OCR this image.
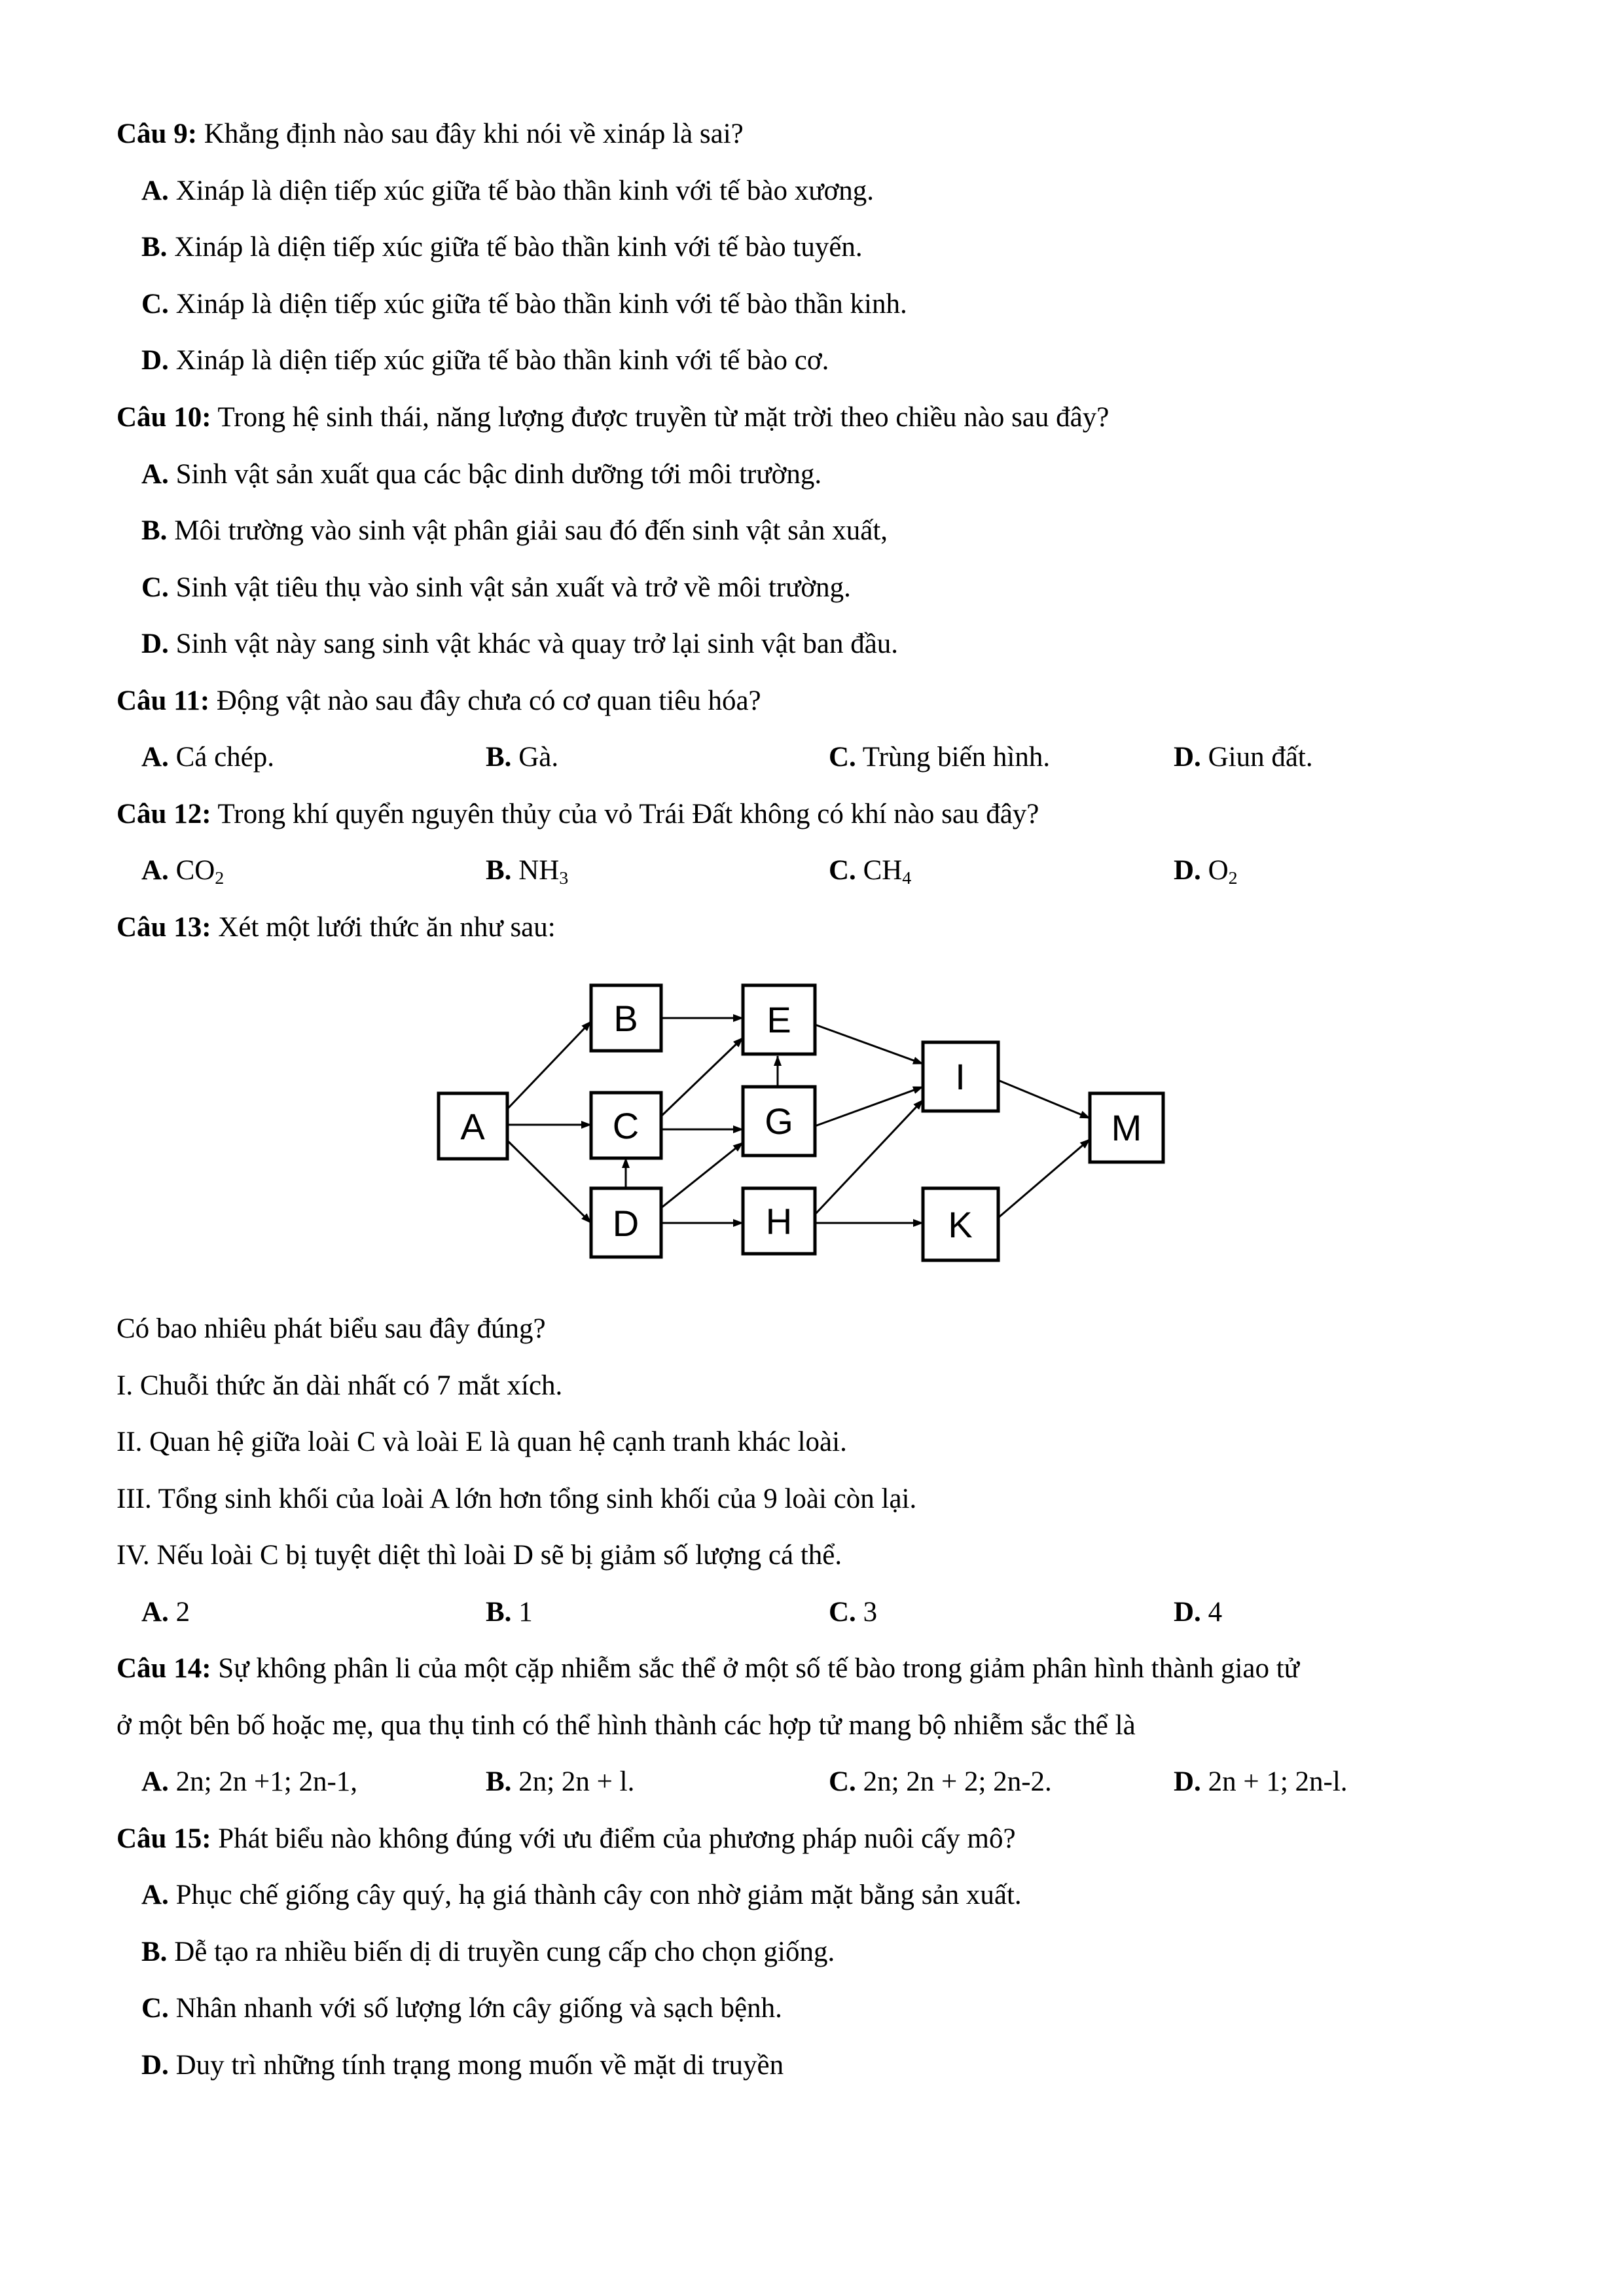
Câu 9: Khẳng định nào sau đây khi nói về xináp là sai?
A. Xináp là diện tiếp xúc giữa tế bào thần kinh với tế bào xương.
B. Xináp là diện tiếp xúc giữa tế bào thần kinh với tế bào tuyến.
C. Xináp là diện tiếp xúc giữa tế bào thần kinh với tế bào thần kinh.
D. Xináp là diện tiếp xúc giữa tế bào thần kinh với tế bào cơ.
Câu 10: Trong hệ sinh thái, năng lượng được truyền từ mặt trời theo chiều nào sau đây?
A. Sinh vật sản xuất qua các bậc dinh dưỡng tới môi trường.
B. Môi trường vào sinh vật phân giải sau đó đến sinh vật sản xuất,
C. Sinh vật tiêu thụ vào sinh vật sản xuất và trở về môi trường.
D. Sinh vật này sang sinh vật khác và quay trở lại sinh vật ban đầu.
Câu 11: Động vật nào sau đây chưa có cơ quan tiêu hóa?
A. Cá chép.	B. Gà.	C. Trùng biến hình.	D. Giun đất.
Câu 12: Trong khí quyển nguyên thủy của vỏ Trái Đất không có khí nào sau đây?
A. $CO_2$	B. $NH_3$	C. $CH_4$	D. $O_2$
Câu 13: Xét một lưới thức ăn như sau:
A
B
C
D
E
G
H
I
K
M
Có bao nhiêu phát biểu sau đây đúng?
I. Chuỗi thức ăn dài nhất có 7 mắt xích.
II. Quan hệ giữa loài C và loài E là quan hệ cạnh tranh khác loài.
III. Tổng sinh khối của loài A lớn hơn tổng sinh khối của 9 loài còn lại.
IV. Nếu loài C bị tuyệt diệt thì loài D sẽ bị giảm số lượng cá thể.
A. 2	B. 1	C. 3	D. 4
Câu 14: Sự không phân li của một cặp nhiễm sắc thể ở một số tế bào trong giảm phân hình thành giao tử
ở một bên bố hoặc mẹ, qua thụ tinh có thể hình thành các hợp tử mang bộ nhiễm sắc thể là
A. 2n; 2n +1; 2n-1,	B. 2n; 2n + l.	C. 2n; 2n + 2; 2n-2.	D. 2n + 1; 2n-l.
Câu 15: Phát biểu nào không đúng với ưu điểm của phương pháp nuôi cấy mô?
A. Phục chế giống cây quý, hạ giá thành cây con nhờ giảm mặt bằng sản xuất.
B. Dễ tạo ra nhiều biến dị di truyền cung cấp cho chọn giống.
C. Nhân nhanh với số lượng lớn cây giống và sạch bệnh.
D. Duy trì những tính trạng mong muốn về mặt di truyền
